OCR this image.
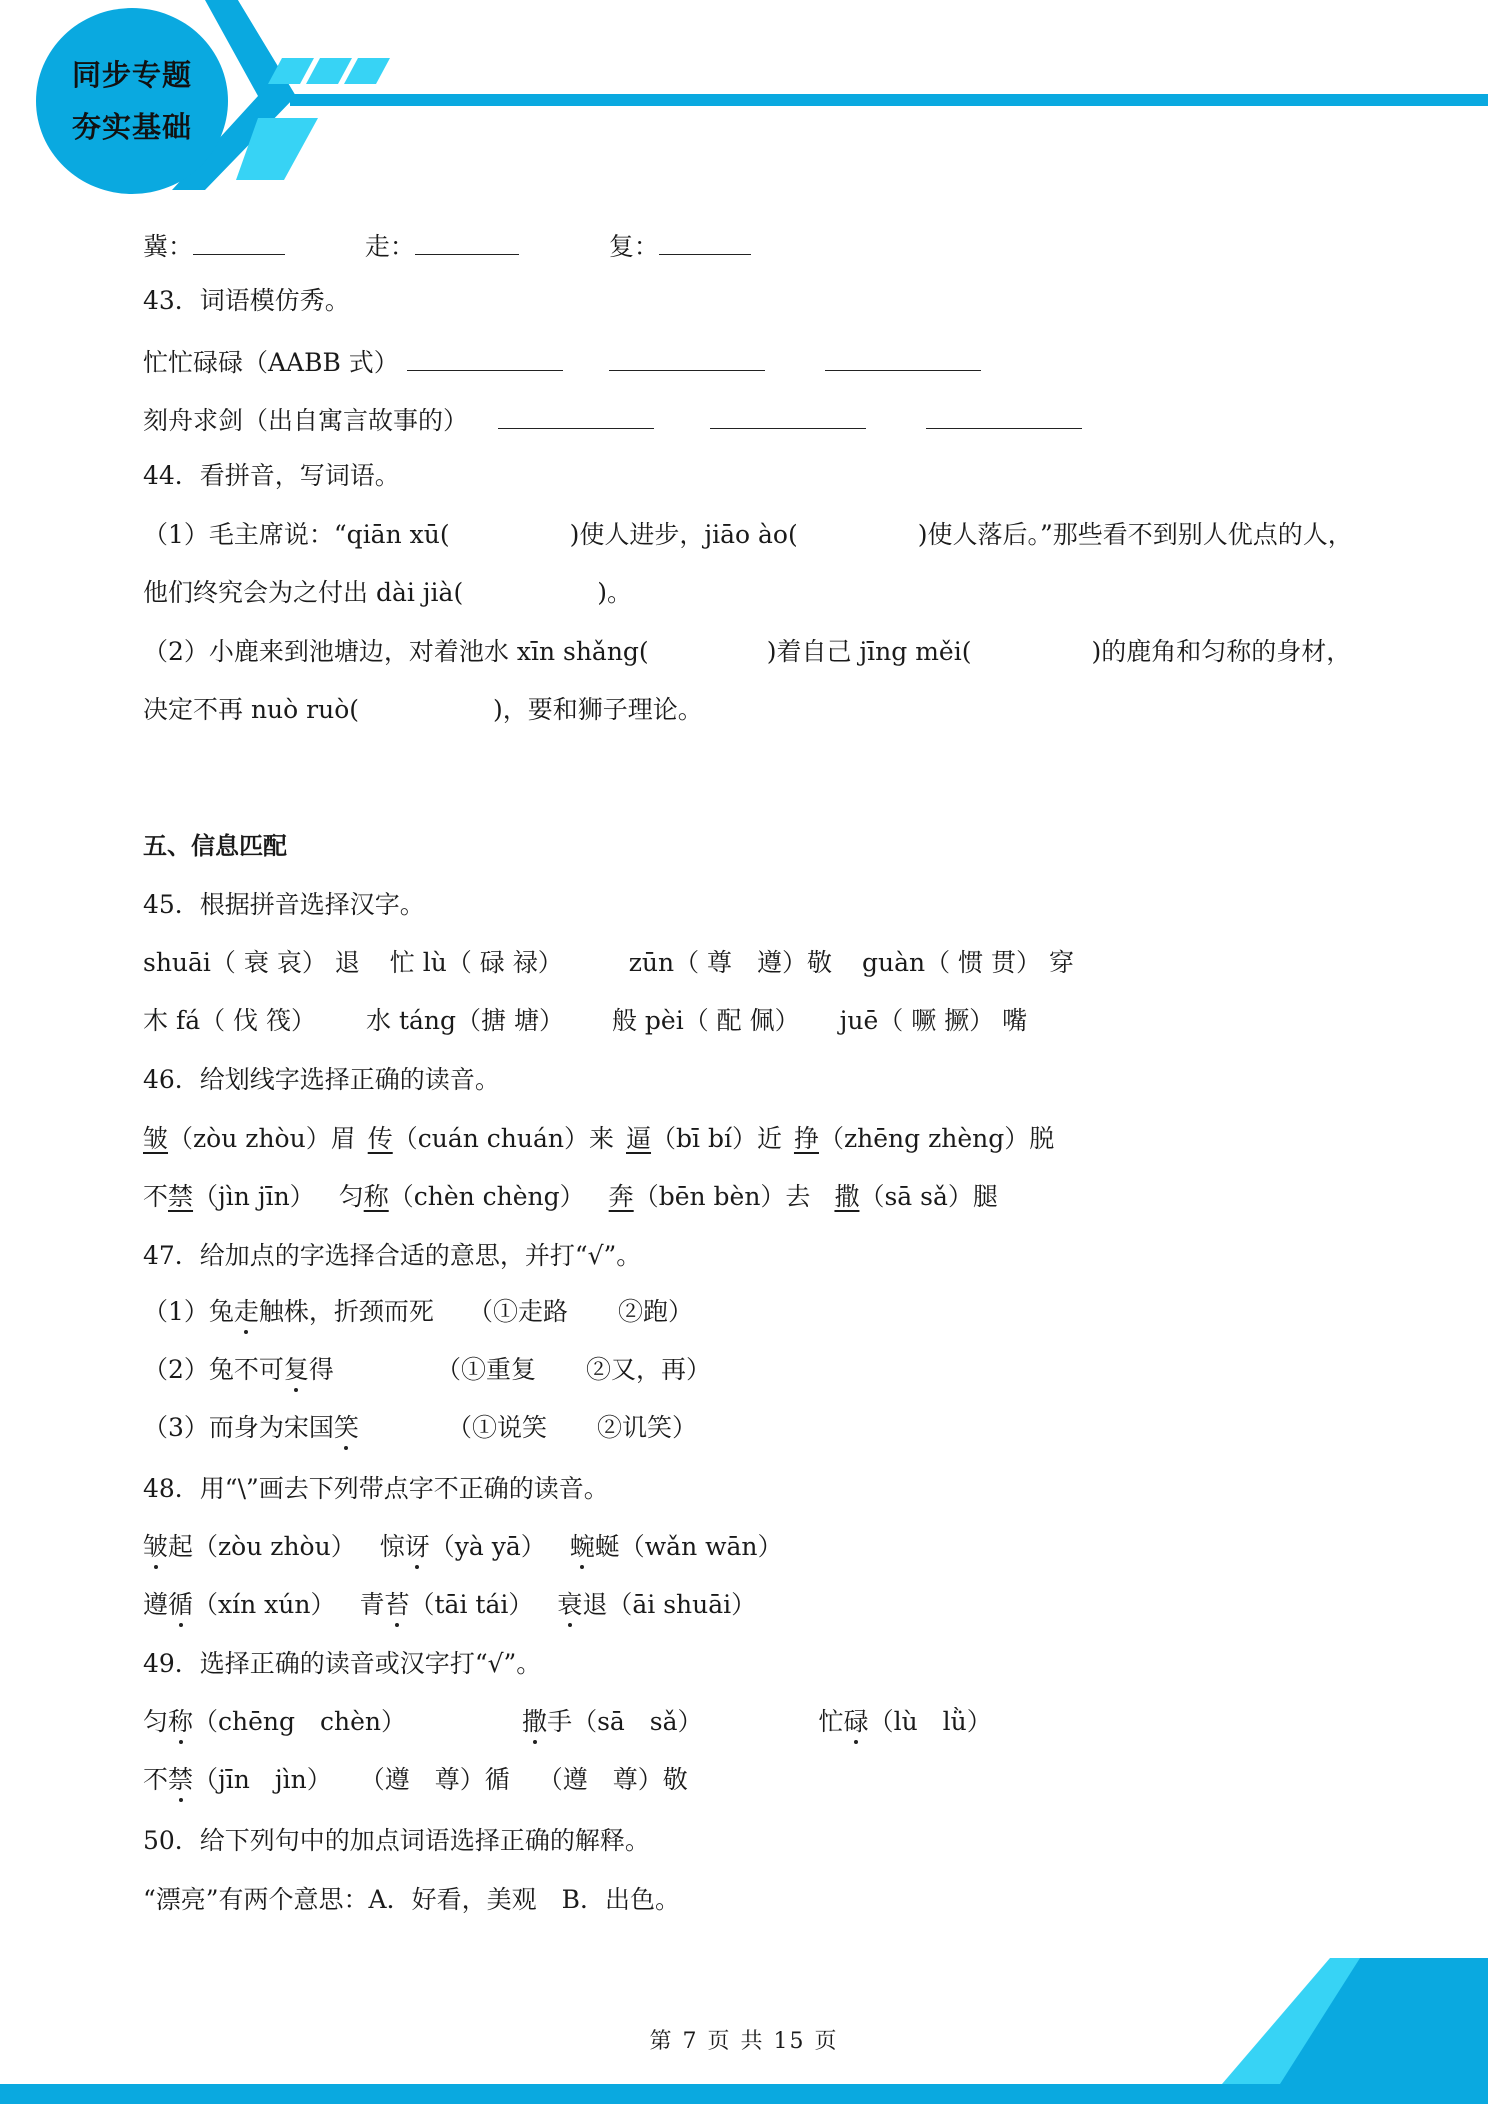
同步专题
夯实基础
冀：	走：	复：
43．词语模仿秀。
忙忙碌碌（AABB 式）
刻舟求剑（出自寓言故事的）
44．看拼音，写词语。
（1）毛主席说：“qiān xū(	)使人进步，jiāo ào(	)使人落后。”那些看不到别人优点的人，
他们终究会为之付出 dài jià(	)。
（2）小鹿来到池塘边，对着池水 xīn shǎng(	)着自己 jīng měi(	)的鹿角和匀称的身材，
决定不再 nuò ruò(	)，要和狮子理论。
五、信息匹配
45．根据拼音选择汉字。
shuāi（ 衰 哀） 退 忙 lù（ 碌 禄）	zūn（ 尊　遵）敬 guàn（ 惯 贯） 穿
木 fá（ 伐 筏） 水 táng（搪 塘） 般 pèi（ 配 佩） juē（ 噘 撅） 嘴
46．给划线字选择正确的读音。
皱（zòu zhòu）眉 传（cuán chuán）来 逼（bī bí）近 挣（zhēng zhèng）脱
不禁（jìn jīn） 匀称（chèn chèng） 奔（bēn bèn）去 撒（sā sǎ）腿
47．给加点的字选择合适的意思，并打“√”。
（1）兔走触株，折颈而死 （①走路　　②跑）
（2）兔不可复得	（①重复　　②又，再）
（3）而身为宋国笑	（①说笑　　②讥笑）
48．用“\”画去下列带点字不正确的读音。
皱起（zòu zhòu） 惊讶（yà yā） 蜿蜒（wǎn wān）
遵循（xín xún） 青苔（tāi tái） 衰退（āi shuāi）
49．选择正确的读音或汉字打“√”。
匀称（chēng　chèn）	撒手（sā　sǎ）	忙碌（lù　lǜ）
不禁（jīn　jìn） （遵　尊）循 （遵　尊）敬
50．给下列句中的加点词语选择正确的解释。
“漂亮”有两个意思：A．好看，美观　B．出色。
第 7 页 共 15 页
